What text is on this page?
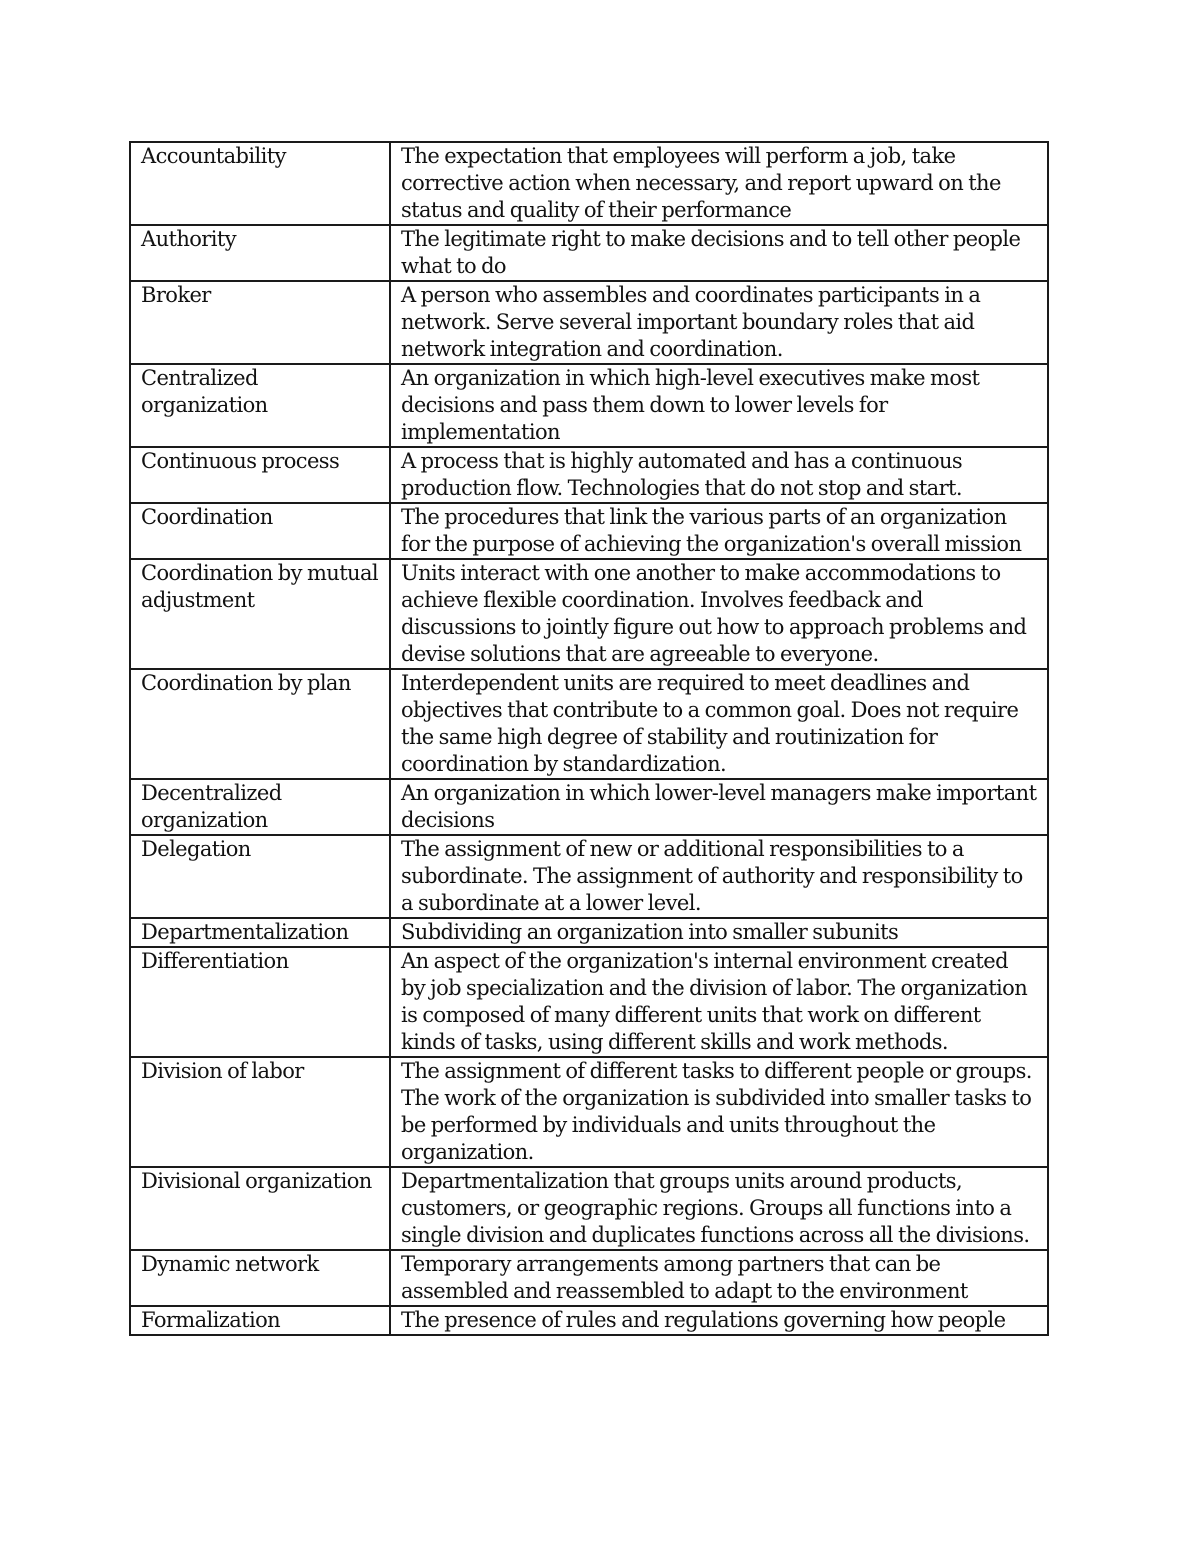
Accountability	The expectation that employees will perform a job, take corrective action when necessary, and report upward on the status and quality of their performance
Authority	The legitimate right to make decisions and to tell other people what to do
Broker	A person who assembles and coordinates participants in a network. Serve several important boundary roles that aid network integration and coordination.
Centralized organization	An organization in which high-level executives make most decisions and pass them down to lower levels for implementation
Continuous process	A process that is highly automated and has a continuous production flow. Technologies that do not stop and start.
Coordination	The procedures that link the various parts of an organization for the purpose of achieving the organization's overall mission
Coordination by mutual adjustment	Units interact with one another to make accommodations to achieve flexible coordination. Involves feedback and discussions to jointly figure out how to approach problems and devise solutions that are agreeable to everyone.
Coordination by plan	Interdependent units are required to meet deadlines and objectives that contribute to a common goal. Does not require the same high degree of stability and routinization for coordination by standardization.
Decentralized organization	An organization in which lower-level managers make important decisions
Delegation	The assignment of new or additional responsibilities to a subordinate. The assignment of authority and responsibility to a subordinate at a lower level.
Departmentalization	Subdividing an organization into smaller subunits
Differentiation	An aspect of the organization's internal environment created by job specialization and the division of labor. The organization is composed of many different units that work on different kinds of tasks, using different skills and work methods.
Division of labor	The assignment of different tasks to different people or groups. The work of the organization is subdivided into smaller tasks to be performed by individuals and units throughout the organization.
Divisional organization	Departmentalization that groups units around products, customers, or geographic regions. Groups all functions into a single division and duplicates functions across all the divisions.
Dynamic network	Temporary arrangements among partners that can be assembled and reassembled to adapt to the environment
Formalization	The presence of rules and regulations governing how people
